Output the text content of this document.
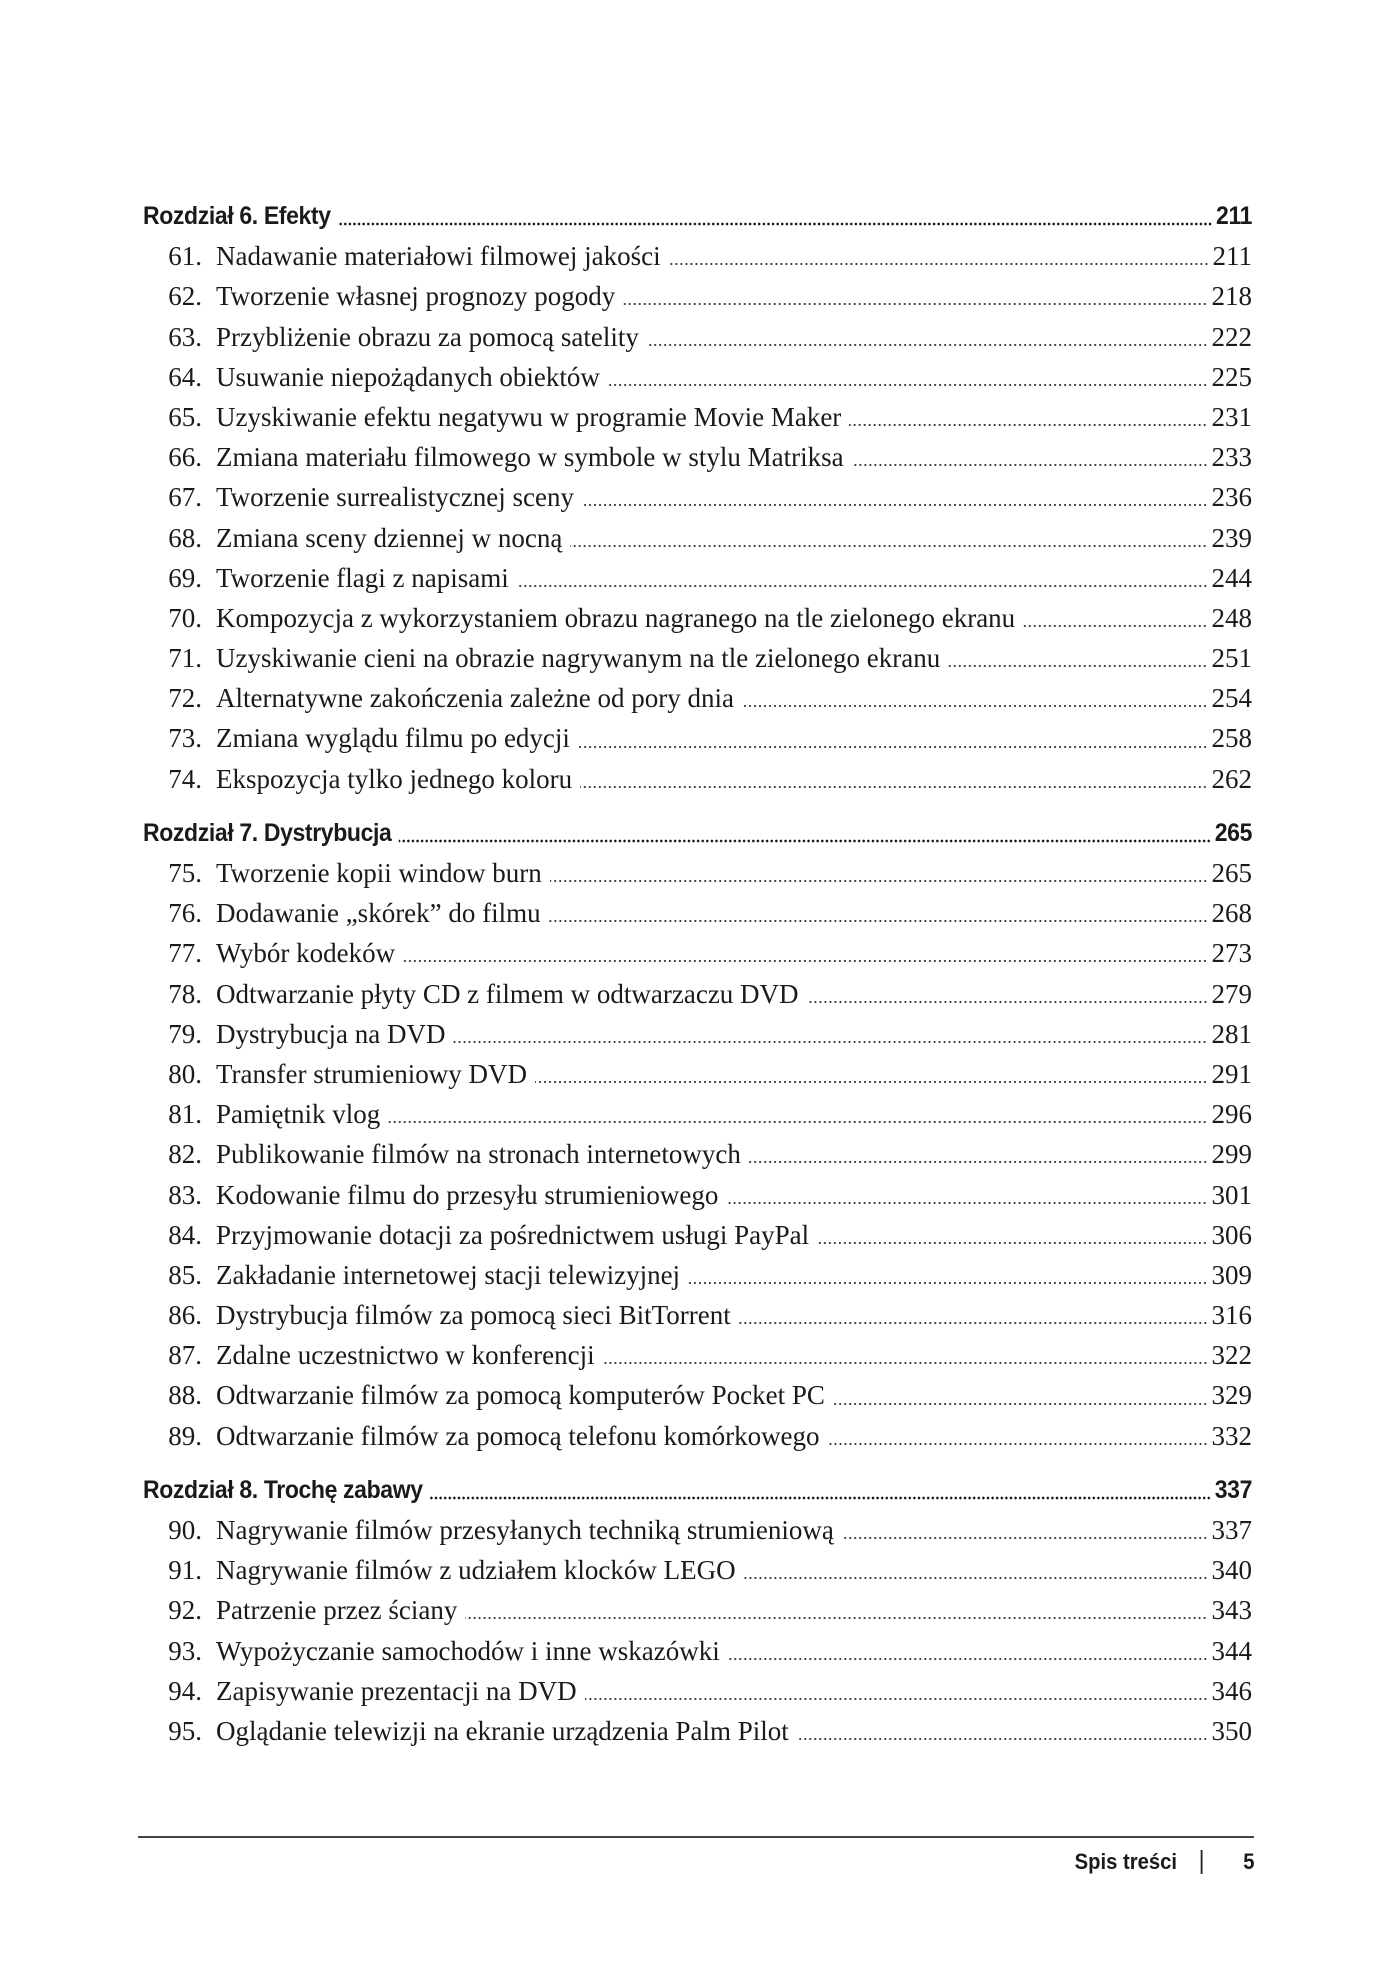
Rozdział 6. Efekty	211
61. Nadawanie materiałowi filmowej jakości	211
62. Tworzenie własnej prognozy pogody	218
63. Przybliżenie obrazu za pomocą satelity	222
64. Usuwanie niepożądanych obiektów	225
65. Uzyskiwanie efektu negatywu w programie Movie Maker	231
66. Zmiana materiału filmowego w symbole w stylu Matriksa	233
67. Tworzenie surrealistycznej sceny	236
68. Zmiana sceny dziennej w nocną	239
69. Tworzenie flagi z napisami	244
70. Kompozycja z wykorzystaniem obrazu nagranego na tle zielonego ekranu	248
71. Uzyskiwanie cieni na obrazie nagrywanym na tle zielonego ekranu	251
72. Alternatywne zakończenia zależne od pory dnia	254
73. Zmiana wyglądu filmu po edycji	258
74. Ekspozycja tylko jednego koloru	262
Rozdział 7. Dystrybucja	265
75. Tworzenie kopii window burn	265
76. Dodawanie „skórek” do filmu	268
77. Wybór kodeków	273
78. Odtwarzanie płyty CD z filmem w odtwarzaczu DVD	279
79. Dystrybucja na DVD	281
80. Transfer strumieniowy DVD	291
81. Pamiętnik vlog	296
82. Publikowanie filmów na stronach internetowych	299
83. Kodowanie filmu do przesyłu strumieniowego	301
84. Przyjmowanie dotacji za pośrednictwem usługi PayPal	306
85. Zakładanie internetowej stacji telewizyjnej	309
86. Dystrybucja filmów za pomocą sieci BitTorrent	316
87. Zdalne uczestnictwo w konferencji	322
88. Odtwarzanie filmów za pomocą komputerów Pocket PC	329
89. Odtwarzanie filmów za pomocą telefonu komórkowego	332
Rozdział 8. Trochę zabawy	337
90. Nagrywanie filmów przesyłanych techniką strumieniową	337
91. Nagrywanie filmów z udziałem klocków LEGO	340
92. Patrzenie przez ściany	343
93. Wypożyczanie samochodów i inne wskazówki	344
94. Zapisywanie prezentacji na DVD	346
95. Oglądanie telewizji na ekranie urządzenia Palm Pilot	350
Spis treści	5
